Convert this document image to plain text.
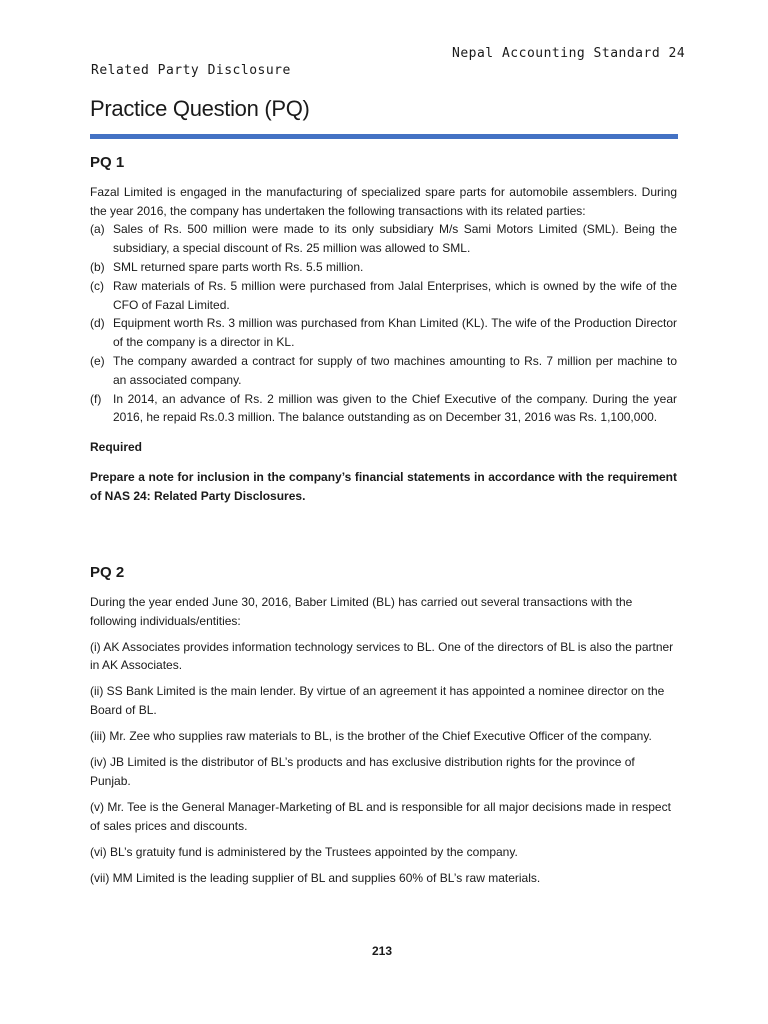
Nepal Accounting Standard 24
Related Party Disclosure
Practice Question (PQ)
PQ 1

Fazal Limited is engaged in the manufacturing of specialized spare parts for automobile assemblers. During the year 2016, the company has undertaken the following transactions with its related parties:

(a) Sales of Rs. 500 million were made to its only subsidiary M/s Sami Motors Limited (SML). Being the subsidiary, a special discount of Rs. 25 million was allowed to SML.
(b) SML returned spare parts worth Rs. 5.5 million.
(c) Raw materials of Rs. 5 million were purchased from Jalal Enterprises, which is owned by the wife of the CFO of Fazal Limited.
(d) Equipment worth Rs. 3 million was purchased from Khan Limited (KL). The wife of the Production Director of the company is a director in KL.
(e) The company awarded a contract for supply of two machines amounting to Rs. 7 million per machine to an associated company.
(f) In 2014, an advance of Rs. 2 million was given to the Chief Executive of the company. During the year 2016, he repaid Rs.0.3 million. The balance outstanding as on December 31, 2016 was Rs. 1,100,000.

Required

Prepare a note for inclusion in the company’s financial statements in accordance with the requirement of NAS 24: Related Party Disclosures.

PQ 2

During the year ended June 30, 2016, Baber Limited (BL) has carried out several transactions with the following individuals/entities:

(i) AK Associates provides information technology services to BL. One of the directors of BL is also the partner in AK Associates.

(ii) SS Bank Limited is the main lender. By virtue of an agreement it has appointed a nominee director on the Board of BL.

(iii) Mr. Zee who supplies raw materials to BL, is the brother of the Chief Executive Officer of the company.

(iv) JB Limited is the distributor of BL’s products and has exclusive distribution rights for the province of Punjab.

(v) Mr. Tee is the General Manager-Marketing of BL and is responsible for all major decisions made in respect of sales prices and discounts.

(vi) BL’s gratuity fund is administered by the Trustees appointed by the company.

(vii) MM Limited is the leading supplier of BL and supplies 60% of BL’s raw materials.

213
